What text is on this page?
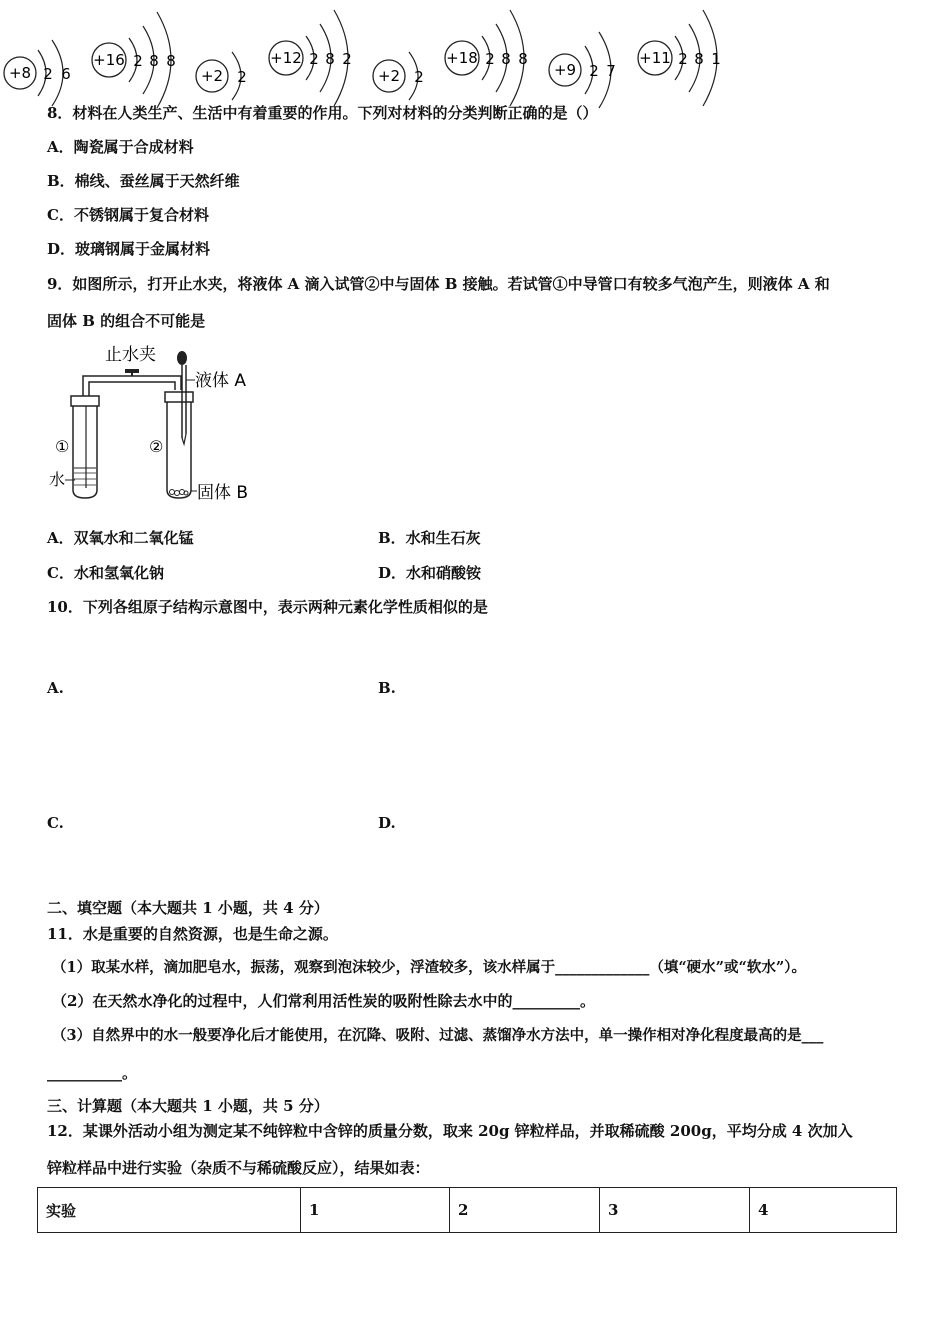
8．材料在人类生产、生活中有着重要的作用。下列对材料的分类判断正确的是（）
A．陶瓷属于合成材料
B．棉线、蚕丝属于天然纤维
C．不锈钢属于复合材料
D．玻璃钢属于金属材料
9．如图所示，打开止水夹，将液体 A 滴入试管②中与固体 B 接触。若试管①中导管口有较多气泡产生，则液体 A 和
固体 B 的组合不可能是
止水夹
①
水
液体 A
②
固体 B
A．双氧水和二氧化锰	B．水和生石灰
C．水和氢氧化钠	D．水和硝酸铵
10．下列各组原子结构示意图中，表示两种元素化学性质相似的是
A.
+8 2 6

+16 2 8 8

B.
+2 2

+12 2 8 2

C.
+2 2

+18 2 8 8

D.
+9 2 7

+11 2 8 1
二、填空题（本大题共 1 小题，共 4 分）
11．水是重要的自然资源，也是生命之源。
（1）取某水样，滴加肥皂水，振荡，观察到泡沫较少，浮渣较多，该水样属于_____________（填“硬水”或“软水”）。
（2）在天然水净化的过程中，人们常利用活性炭的吸附性除去水中的_________。
（3）自然界中的水一般要净化后才能使用，在沉降、吸附、过滤、蒸馏净水方法中，单一操作相对净化程度最高的是___
__________。
三、计算题（本大题共 1 小题，共 5 分）
12．某课外活动小组为测定某不纯锌粒中含锌的质量分数，取来 20g 锌粒样品，并取稀硫酸 200g，平均分成 4 次加入
锌粒样品中进行实验（杂质不与稀硫酸反应），结果如表：
实验	1	2	3	4
